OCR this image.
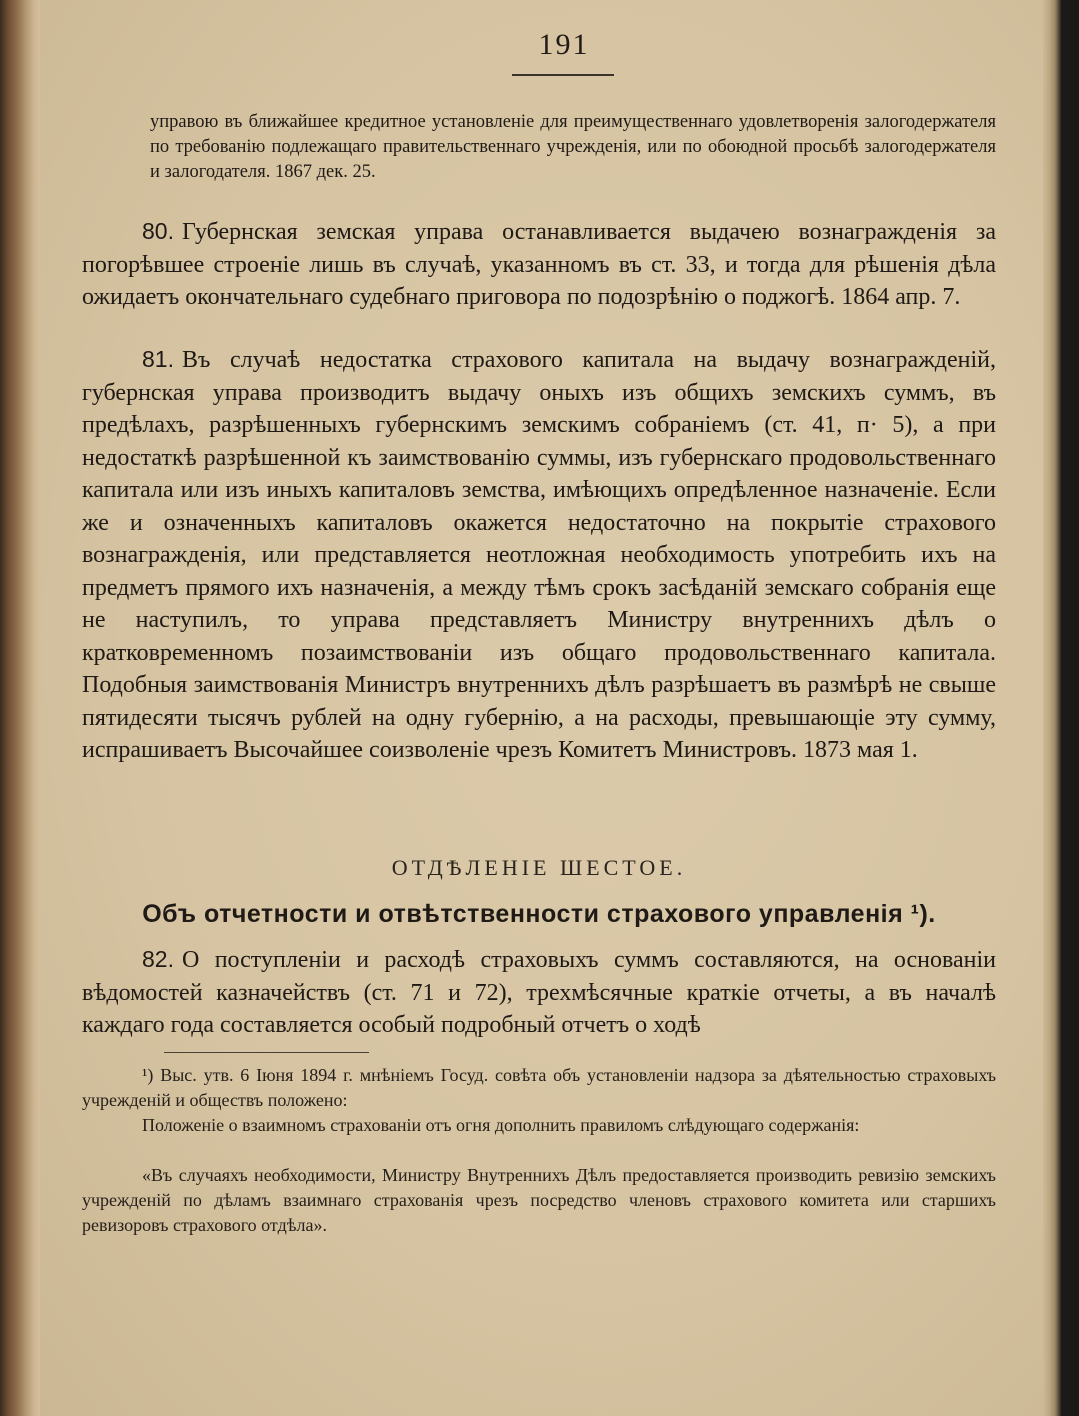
191
управою въ ближайшее кредитное установленіе для преимущественнаго удовлетворенія залогодержателя по требованію подлежащаго правительственнаго учрежденія, или по обоюдной просьбѣ залогодержателя и залогодателя. 1867 дек. 25.
80. Губернская земская управа останавливается выдачею вознагражденія за погорѣвшее строеніе лишь въ случаѣ, указанномъ въ ст. 33, и тогда для рѣшенія дѣла ожидаетъ окончательнаго судебнаго приговора по подозрѣнію о поджогѣ. 1864 апр. 7.
81. Въ случаѣ недостатка страхового капитала на выдачу вознагражденій, губернская управа производитъ выдачу оныхъ изъ общихъ земскихъ суммъ, въ предѣлахъ, разрѣшенныхъ губернскимъ земскимъ собраніемъ (ст. 41, п· 5), а при недостаткѣ разрѣшенной къ заимствованію суммы, изъ губернскаго продовольственнаго капитала или изъ иныхъ капиталовъ земства, имѣющихъ опредѣленное назначеніе. Если же и означенныхъ капиталовъ окажется недостаточно на покрытіе страхового вознагражденія, или представляется неотложная необходимость употребить ихъ на предметъ прямого ихъ назначенія, а между тѣмъ срокъ засѣданій земскаго собранія еще не наступилъ, то управа представляетъ Министру внутреннихъ дѣлъ о кратковременномъ позаимствованіи изъ общаго продовольственнаго капитала. Подобныя заимствованія Министръ внутреннихъ дѣлъ разрѣшаетъ въ размѣрѣ не свыше пятидесяти тысячъ рублей на одну губернію, а на расходы, превышающіе эту сумму, испрашиваетъ Высочайшее соизволеніе чрезъ Комитетъ Министровъ. 1873 мая 1.
ОТДѢЛЕНІЕ ШЕСТОЕ.
Объ отчетности и отвѣтственности страхового управленія ¹).
82. О поступленіи и расходѣ страховыхъ суммъ составляются, на основаніи вѣдомостей казначействъ (ст. 71 и 72), трехмѣсячные краткіе отчеты, а въ началѣ каждаго года составляется особый подробный отчетъ о ходѣ
¹) Выс. утв. 6 Іюня 1894 г. мнѣніемъ Госуд. совѣта объ установленіи надзора за дѣятельностью страховыхъ учрежденій и обществъ положено:
Положеніе о взаимномъ страхованіи отъ огня дополнить правиломъ слѣдующаго содержанія:
«Въ случаяхъ необходимости, Министру Внутреннихъ Дѣлъ предоставляется производить ревизію земскихъ учрежденій по дѣламъ взаимнаго страхованія чрезъ посредство членовъ страхового комитета или старшихъ ревизоровъ страхового отдѣла».
